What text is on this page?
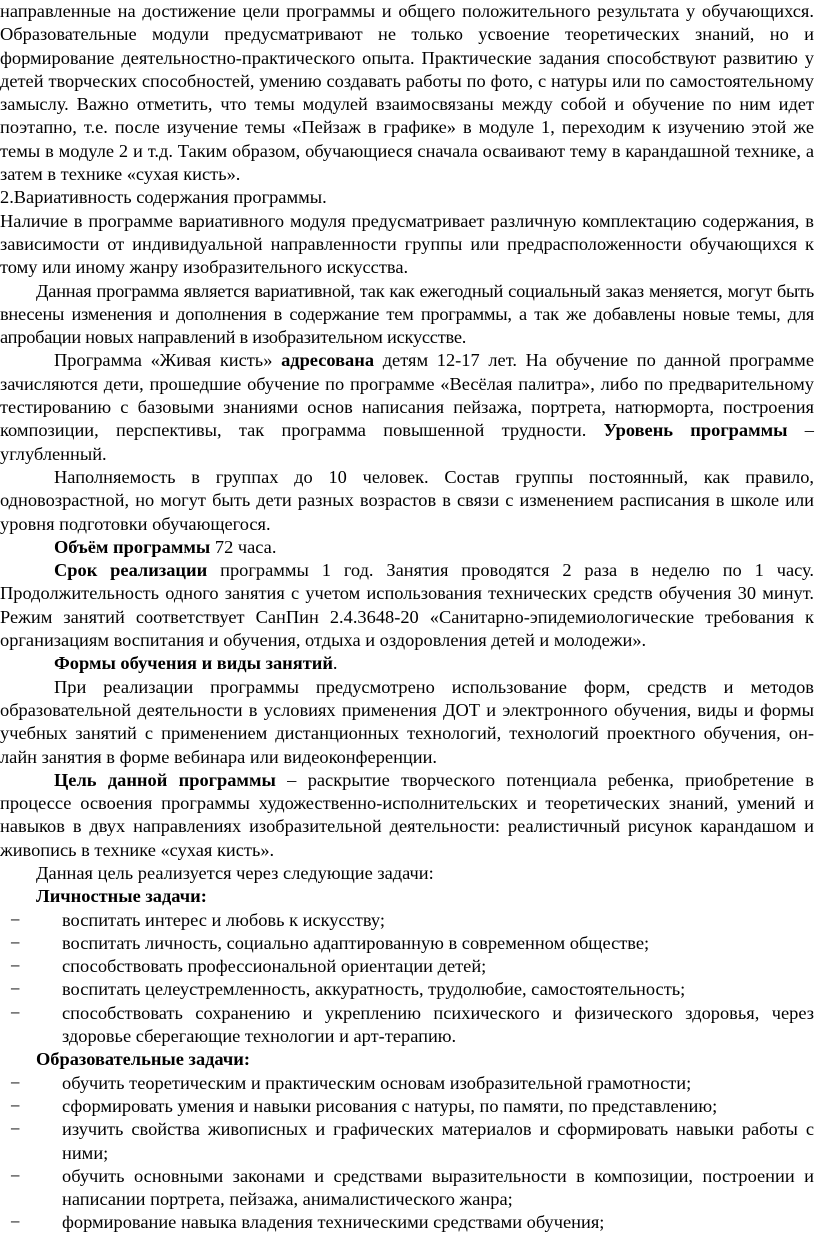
направленные на достижение цели программы и общего положительного результата у обучающихся. Образовательные модули предусматривают не только усвоение теоретических знаний, но и формирование деятельностно-практического опыта. Практические задания способствуют развитию у детей творческих способностей, умению создавать работы по фото, с натуры или по самостоятельному замыслу. Важно отметить, что темы модулей взаимосвязаны между собой и обучение по ним идет поэтапно, т.е. после изучение темы «Пейзаж в графике» в модуле 1, переходим к изучению этой же темы в модуле 2 и т.д. Таким образом, обучающиеся сначала осваивают тему в карандашной технике, а затем в технике «сухая кисть».

2.Вариативность содержания программы.

Наличие в программе вариативного модуля предусматривает различную комплектацию содержания, в зависимости от индивидуальной направленности группы или предрасположенности обучающихся к тому или иному жанру изобразительного искусства.

Данная программа является вариативной, так как ежегодный социальный заказ меняется, могут быть внесены изменения и дополнения в содержание тем программы, а так же добавлены новые темы, для апробации новых направлений в изобразительном искусстве.

Программа «Живая кисть» адресована детям 12-17 лет. На обучение по данной программе зачисляются дети, прошедшие обучение по программе «Весёлая палитра», либо по предварительному тестированию с базовыми знаниями основ написания пейзажа, портрета, натюрморта, построения композиции, перспективы, так программа повышенной трудности. Уровень программы – углубленный.

Наполняемость в группах до 10 человек. Состав группы постоянный, как правило, одновозрастной, но могут быть дети разных возрастов в связи с изменением расписания в школе или уровня подготовки обучающегося.

Объём программы 72 часа.

Срок реализации программы 1 год. Занятия проводятся 2 раза в неделю по 1 часу. Продолжительность одного занятия с учетом использования технических средств обучения 30 минут. Режим занятий соответствует СанПин 2.4.3648-20 «Санитарно-эпидемиологические требования к организациям воспитания и обучения, отдыха и оздоровления детей и молодежи».

Формы обучения и виды занятий.

При реализации программы предусмотрено использование форм, средств и методов образовательной деятельности в условиях применения ДОТ и электронного обучения, виды и формы учебных занятий с применением дистанционных технологий, технологий проектного обучения, он-лайн занятия в форме вебинара или видеоконференции.

Цель данной программы – раскрытие творческого потенциала ребенка, приобретение в процессе освоения программы художественно-исполнительских и теоретических знаний, умений и навыков в двух направлениях изобразительной деятельности: реалистичный рисунок карандашом и живопись в технике «сухая кисть».

Данная цель реализуется через следующие задачи:

Личностные задачи:

− воспитать интерес и любовь к искусству;
− воспитать личность, социально адаптированную в современном обществе;
− способствовать профессиональной ориентации детей;
− воспитать целеустремленность, аккуратность, трудолюбие, самостоятельность;
− способствовать сохранению и укреплению психического и физического здоровья, через здоровье сберегающие технологии и арт-терапию.

Образовательные задачи:

− обучить теоретическим и практическим основам изобразительной грамотности;
− сформировать умения и навыки рисования с натуры, по памяти, по представлению;
− изучить свойства живописных и графических материалов и сформировать навыки работы с ними;
− обучить основными законами и средствами выразительности в композиции, построении и написании портрета, пейзажа, анималистического жанра;
− формирование навыка владения техническими средствами обучения;
